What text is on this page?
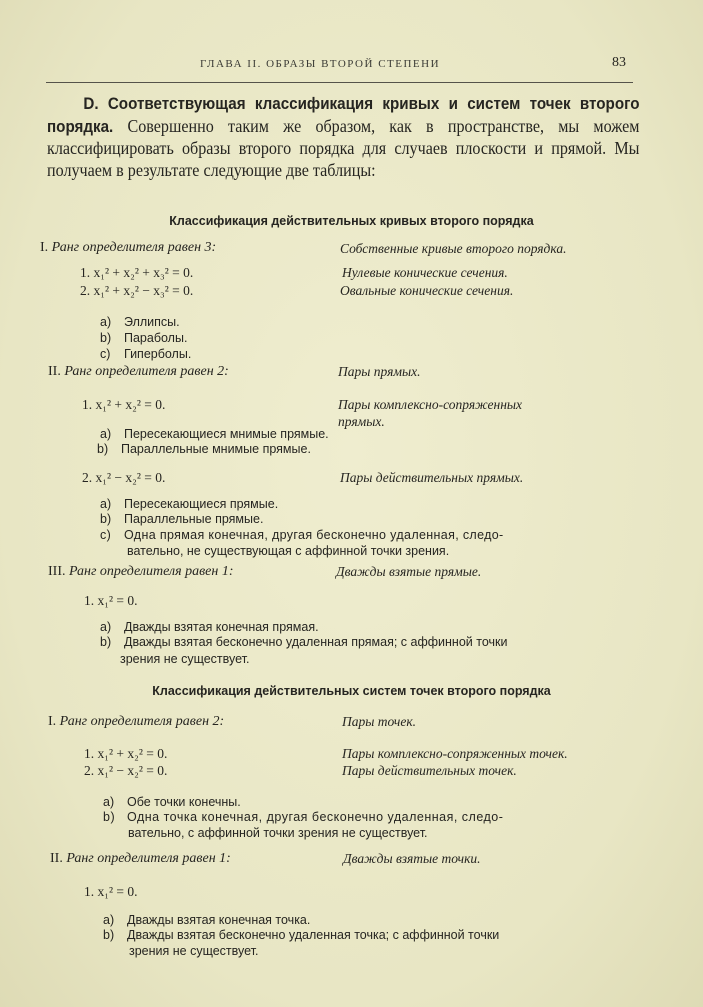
ГЛАВА II. ОБРАЗЫ ВТОРОЙ СТЕПЕНИ	83
D. Соответствующая классификация кривых и систем точек второго порядка. Совершенно таким же образом, как в пространстве, мы можем классифицировать образы второго порядка для случаев плоскости и прямой. Мы получаем в результате следующие две таблицы:
Классификация действительных кривых второго порядка
I. Ранг определителя равен 3:	Собственные кривые второго порядка.
1. x₁² + x₂² + x₃² = 0.	Нулевые конические сечения.
2. x₁² + x₂² − x₃² = 0.	Овальные конические сечения.
a) Эллипсы.
b) Параболы.
c) Гиперболы.
II. Ранг определителя равен 2:	Пары прямых.
1. x₁² + x₂² = 0.	Пары комплексно-сопряженных
прямых.
a) Пересекающиеся мнимые прямые.
b) Параллельные мнимые прямые.
2. x₁² − x₂² = 0.	Пары действительных прямых.
a) Пересекающиеся прямые.
b) Параллельные прямые.
c) Одна прямая конечная, другая бесконечно удаленная, следо-
вательно, не существующая с аффинной точки зрения.
III. Ранг определителя равен 1:	Дважды взятые прямые.
1. x₁² = 0.
a) Дважды взятая конечная прямая.
b) Дважды взятая бесконечно удаленная прямая; с аффинной точки
зрения не существует.
Классификация действительных систем точек второго порядка
I. Ранг определителя равен 2:	Пары точек.
1. x₁² + x₂² = 0.	Пары комплексно-сопряженных точек.
2. x₁² − x₂² = 0.	Пары действительных точек.
a) Обе точки конечны.
b) Одна точка конечная, другая бесконечно удаленная, следо-
вательно, с аффинной точки зрения не существует.
II. Ранг определителя равен 1:	Дважды взятые точки.
1. x₁² = 0.
a) Дважды взятая конечная точка.
b) Дважды взятая бесконечно удаленная точка; с аффинной точки
зрения не существует.
